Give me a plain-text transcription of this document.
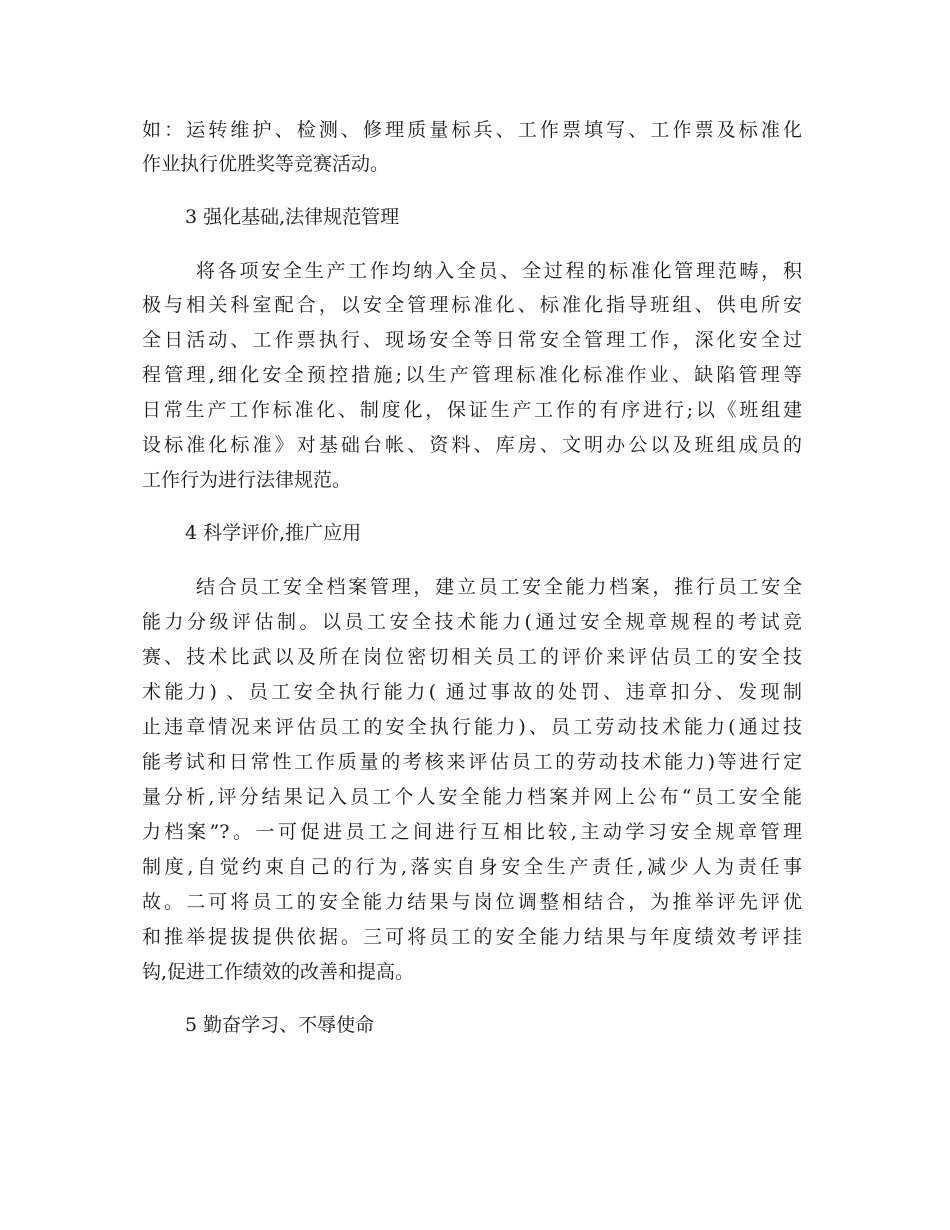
如：运转维护、检测、修理质量标兵、工作票填写、工作票及标准化
作业执行优胜奖等竞赛活动。
3 强化基础,法律规范管理
将各项安全生产工作均纳入全员、全过程的标准化管理范畴，积
极与相关科室配合，以安全管理标准化、标准化指导班组、供电所安
全日活动、工作票执行、现场安全等日常安全管理工作，深化安全过
程管理,细化安全预控措施;以生产管理标准化标准作业、缺陷管理等
日常生产工作标准化、制度化，保证生产工作的有序进行;以《班组建
设标准化标准》对基础台帐、资料、库房、文明办公以及班组成员的
工作行为进行法律规范。
4 科学评价,推广应用
结合员工安全档案管理，建立员工安全能力档案，推行员工安全
能力分级评估制。以员工安全技术能力(通过安全规章规程的考试竞
赛、技术比武以及所在岗位密切相关员工的评价来评估员工的安全技
术能力) 、员工安全执行能力( 通过事故的处罚、违章扣分、发现制
止违章情况来评估员工的安全执行能力)、员工劳动技术能力(通过技
能考试和日常性工作质量的考核来评估员工的劳动技术能力)等进行定
量分析,评分结果记入员工个人安全能力档案并网上公布“员工安全能
力档案”?。一可促进员工之间进行互相比较,主动学习安全规章管理
制度,自觉约束自己的行为,落实自身安全生产责任,减少人为责任事
故。二可将员工的安全能力结果与岗位调整相结合，为推举评先评优
和推举提拔提供依据。三可将员工的安全能力结果与年度绩效考评挂
钩,促进工作绩效的改善和提高。
5 勤奋学习、不辱使命
